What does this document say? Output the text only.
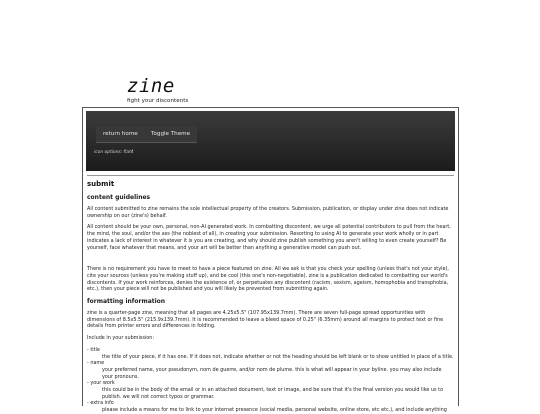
zine
fight your discontents
return home	Toggle Theme
icon options: flat4
submit
content guidelines

All content submitted to zine remains the sole intellectual property of the creators. Submission, publication, or display under zine does not indicate ownership on our (zine's) behalf.

All content should be your own, personal, non-AI generated work. In combatting discontent, we urge all potential contributors to pull from the heart, the mind, the soul, and/or the ass (the noblest of all), in creating your submission. Resorting to using AI to generate your work wholly or in part indicates a lack of interest in whatever it is you are creating, and why should zine publish something you aren't willing to even create yourself? Be yourself, face whatever that means, and your art will be better than anything a generative model can push out.

There is no requirement you have to meet to have a piece featured on zine. All we ask is that you check your spelling (unless that's not your style), cite your sources (unless you're making stuff up), and be cool (this one's non-negotiable). zine is a publication dedicated to combatting our world's discontents. If your work reinforces, denies the existence of, or perpetuates any discontent (racism, sexism, ageism, homophobia and transphobia, etc.), then your piece will not be published and you will likely be prevented from submitting again.

formatting information

zine is a quarter-page zine, meaning that all pages are 4.25x5.5" (107.95x139.7mm). There are seven full-page spread opportunities with dimensions of 8.5x5.5" (215.9x139.7mm). It is recommended to leave a bleed space of 0.25" (6.35mm) around all margins to protect text or fine details from printer errors and differences in folding.

Include in your submission:

- title
the title of your piece, if it has one. If it does not, indicate whether or not the heading should be left blank or to show untitled in place of a title.
- name
your preferred name, your pseudonym, nom de guerre, and/or nom de plume. this is what will appear in your byline. you may also include your pronouns.
- your work
this could be in the body of the email or in an attached document, text or image, and be sure that it's the final version you would like us to publish. we will not correct typos or grammar.
- extra info
please include a means for me to link to your internet presence (social media, personal website, online store, etc etc.), and include anything
